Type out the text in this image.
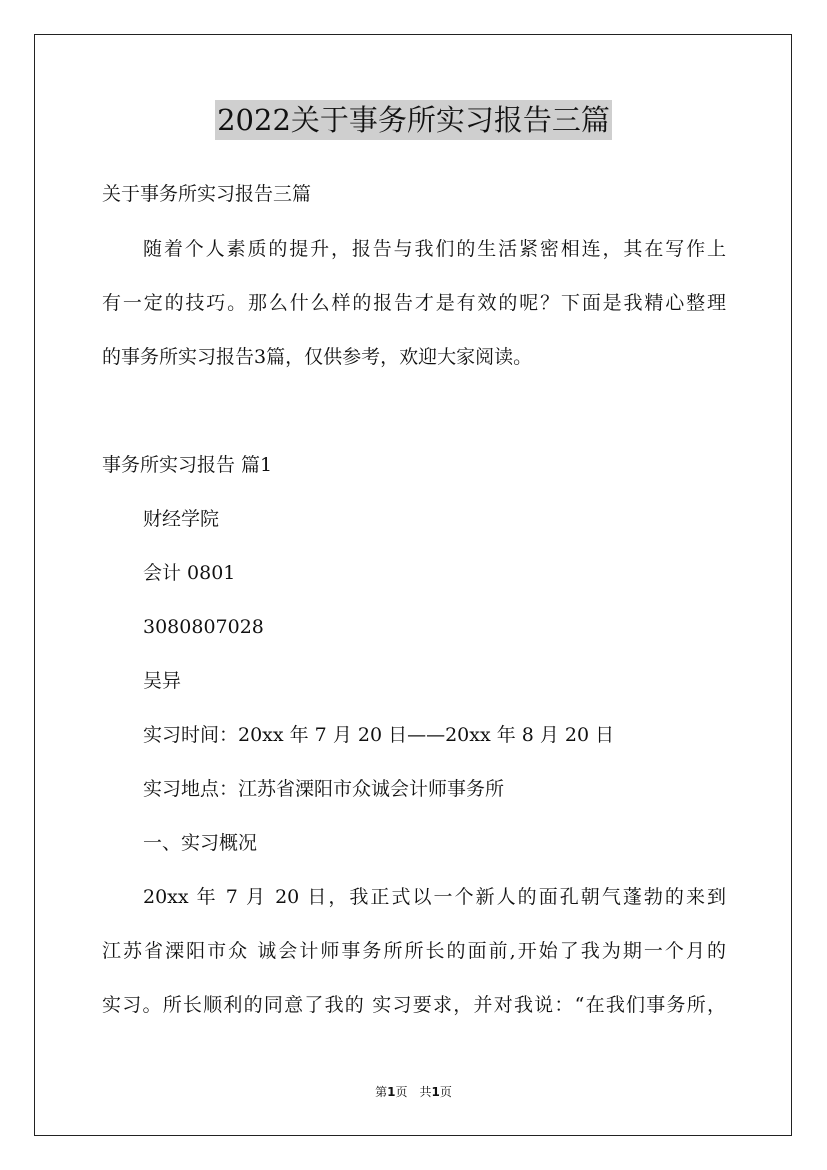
2022关于事务所实习报告三篇
关于事务所实习报告三篇
随着个人素质的提升，报告与我们的生活紧密相连，其在写作上
有一定的技巧。那么什么样的报告才是有效的呢？下面是我精心整理
的事务所实习报告3篇，仅供参考，欢迎大家阅读。
事务所实习报告 篇1
财经学院
会计 0801
3080807028
吴异
实习时间：20xx 年 7 月 20 日——20xx 年 8 月 20 日
实习地点：江苏省溧阳市众诚会计师事务所
一、实习概况
20xx 年 7 月 20 日，我正式以一个新人的面孔朝气蓬勃的来到
江苏省溧阳市众 诚会计师事务所所长的面前,开始了我为期一个月的
实习。所长顺利的同意了我的 实习要求，并对我说：“在我们事务所，
第1页　共1页
